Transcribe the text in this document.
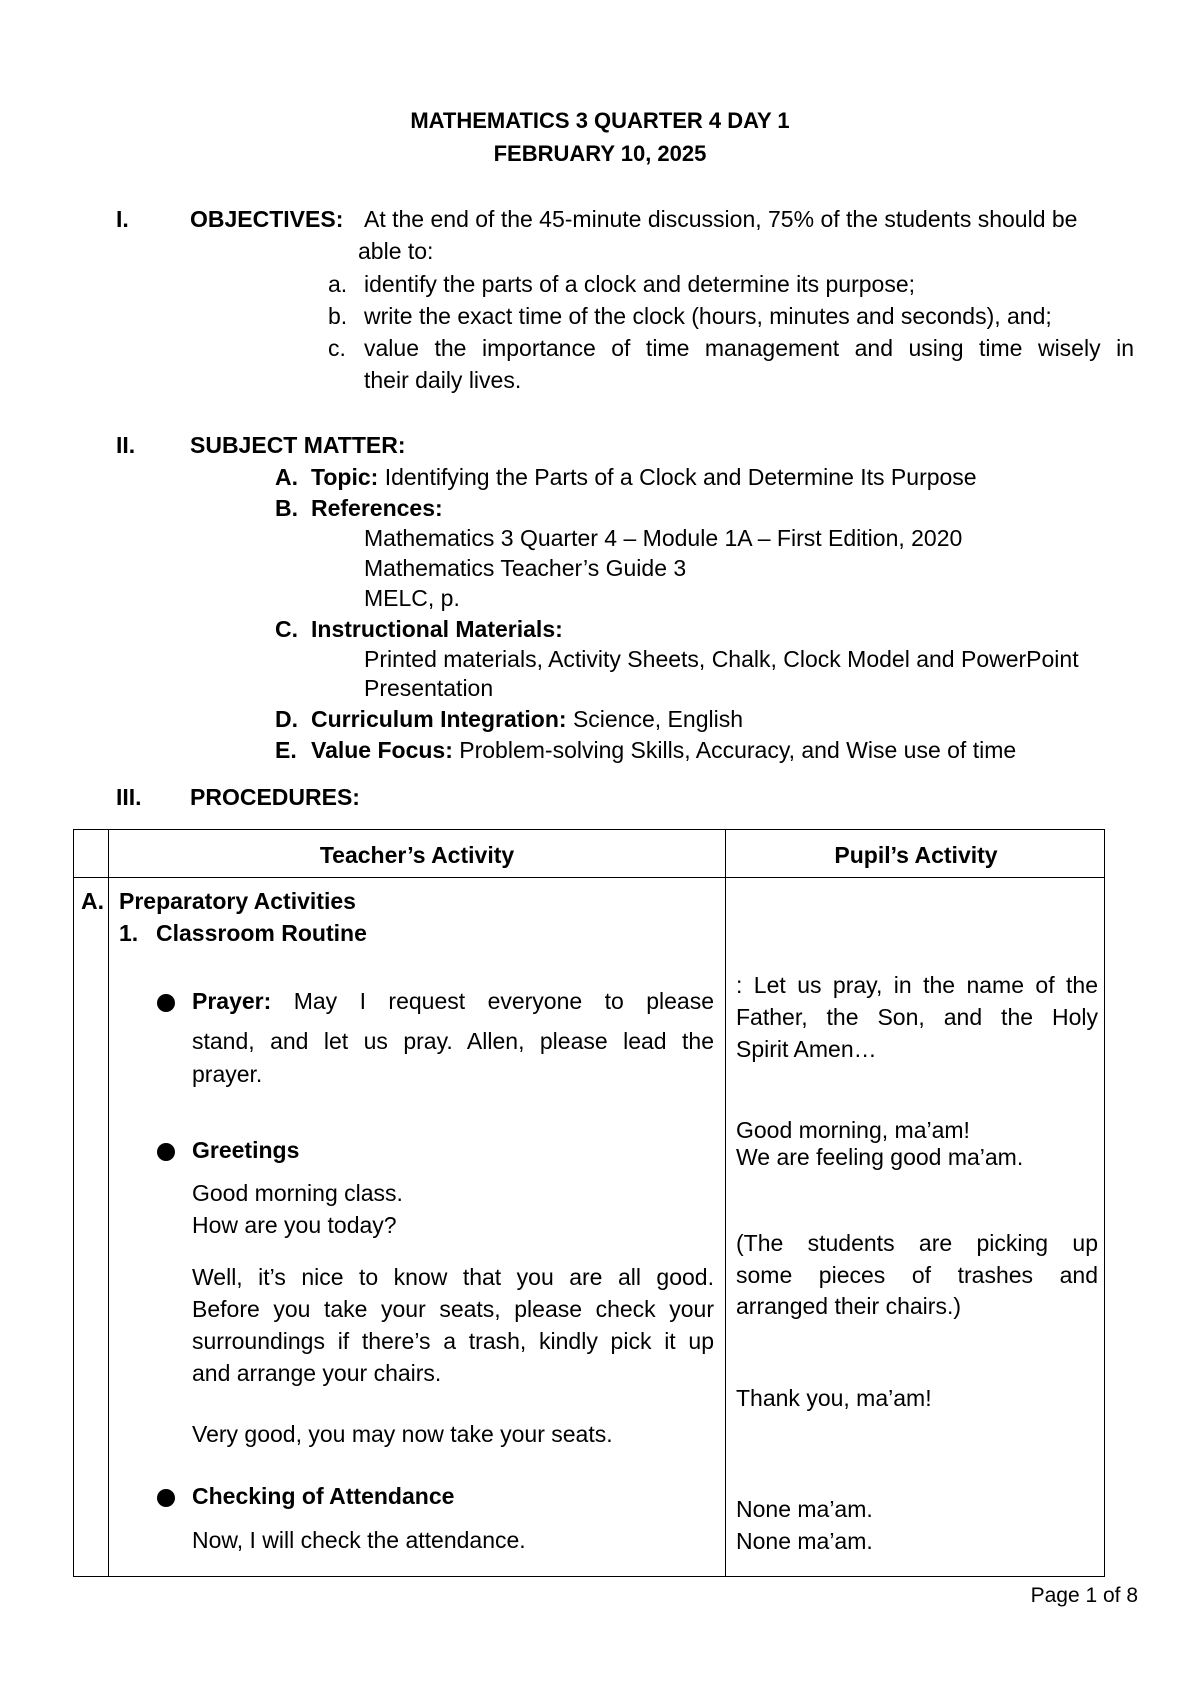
MATHEMATICS 3 QUARTER 4 DAY 1
FEBRUARY 10, 2025
I.	OBJECTIVES: At the end of the 45-minute discussion, 75% of the students should be
able to:
a. identify the parts of a clock and determine its purpose;
b. write the exact time of the clock (hours, minutes and seconds), and;
c. value the importance of time management and using time wisely in
their daily lives.
II. SUBJECT MATTER:
A. Topic: Identifying the Parts of a Clock and Determine Its Purpose
B. References:
Mathematics 3 Quarter 4 – Module 1A – First Edition, 2020
Mathematics Teacher’s Guide 3
MELC, p.
C. Instructional Materials:
Printed materials, Activity Sheets, Chalk, Clock Model and PowerPoint
Presentation
D. Curriculum Integration: Science, English
E. Value Focus: Problem-solving Skills, Accuracy, and Wise use of time
III. PROCEDURES:
Teacher’s Activity	Pupil’s Activity
A. Preparatory Activities
1. Classroom Routine
Prayer: May I request everyone to please
stand, and let us pray. Allen, please lead the
prayer.
: Let us pray, in the name of the
Father, the Son, and the Holy
Spirit Amen…
Greetings
Good morning class.
How are you today?
Good morning, ma’am!
We are feeling good ma’am.
Well, it’s nice to know that you are all good.
Before you take your seats, please check your
surroundings if there’s a trash, kindly pick it up
and arrange your chairs.
(The students are picking up
some pieces of trashes and
arranged their chairs.)
Very good, you may now take your seats.
Thank you, ma’am!
Checking of Attendance
Now, I will check the attendance.
None ma’am.
None ma’am.
Page 1 of 8
